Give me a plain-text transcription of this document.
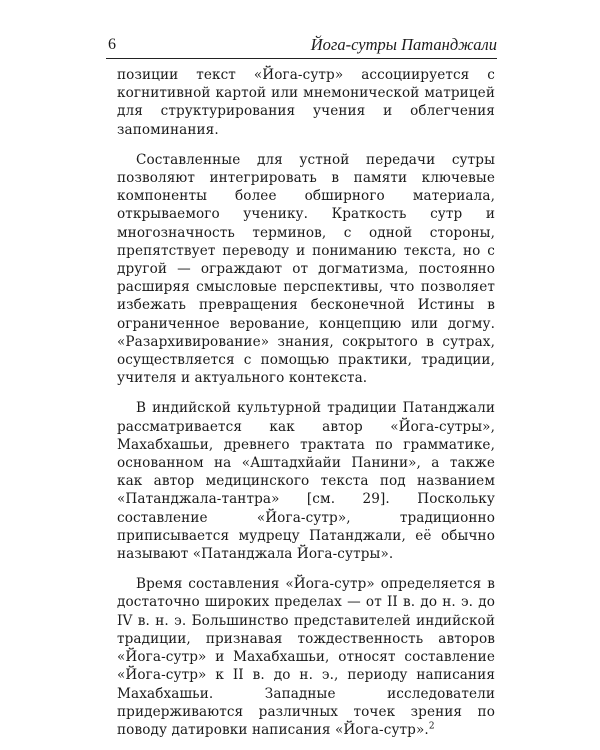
6	Йога-сутры Патанджали

позиции текст «Йога-сутр» ассоциируется с когнитивной картой или мнемонической матрицей для структурирования учения и облегчения запоминания.

Составленные для устной передачи сутры позволяют интегрировать в памяти ключевые компоненты более обширного материала, открываемого ученику. Краткость сутр и многозначность терминов, с одной стороны, препятствует переводу и пониманию текста, но с другой — ограждают от догматизма, постоянно расширяя смысловые перспективы, что позволяет избежать превращения бесконечной Истины в ограниченное верование, концепцию или догму. «Разархивирование» знания, сокрытого в сутрах, осуществляется с помощью практики, традиции, учителя и актуального контекста.

В индийской культурной традиции Патанджали рассматривается как автор «Йога-сутры», Махабхашьи, древнего трактата по грамматике, основанном на «Аштадхйайи Панини», а также как автор медицинского текста под названием «Патанджала-тантра» [см. 29]. Поскольку составление «Йога-сутр», традиционно приписывается мудрецу Патанджали, её обычно называют «Патанджала Йога-сутры».

Время составления «Йога-сутр» определяется в достаточно широких пределах — от II в. до н. э. до IV в. н. э. Большинство представителей индийской традиции, признавая тождественность авторов «Йога-сутр» и Махабхашьи, относят составление «Йога-сутр» к II в. до н. э., периоду написания Махабхашьи. Западные исследователи придерживаются различных точек зрения по поводу датировки написания «Йога-сутр».$^2$
